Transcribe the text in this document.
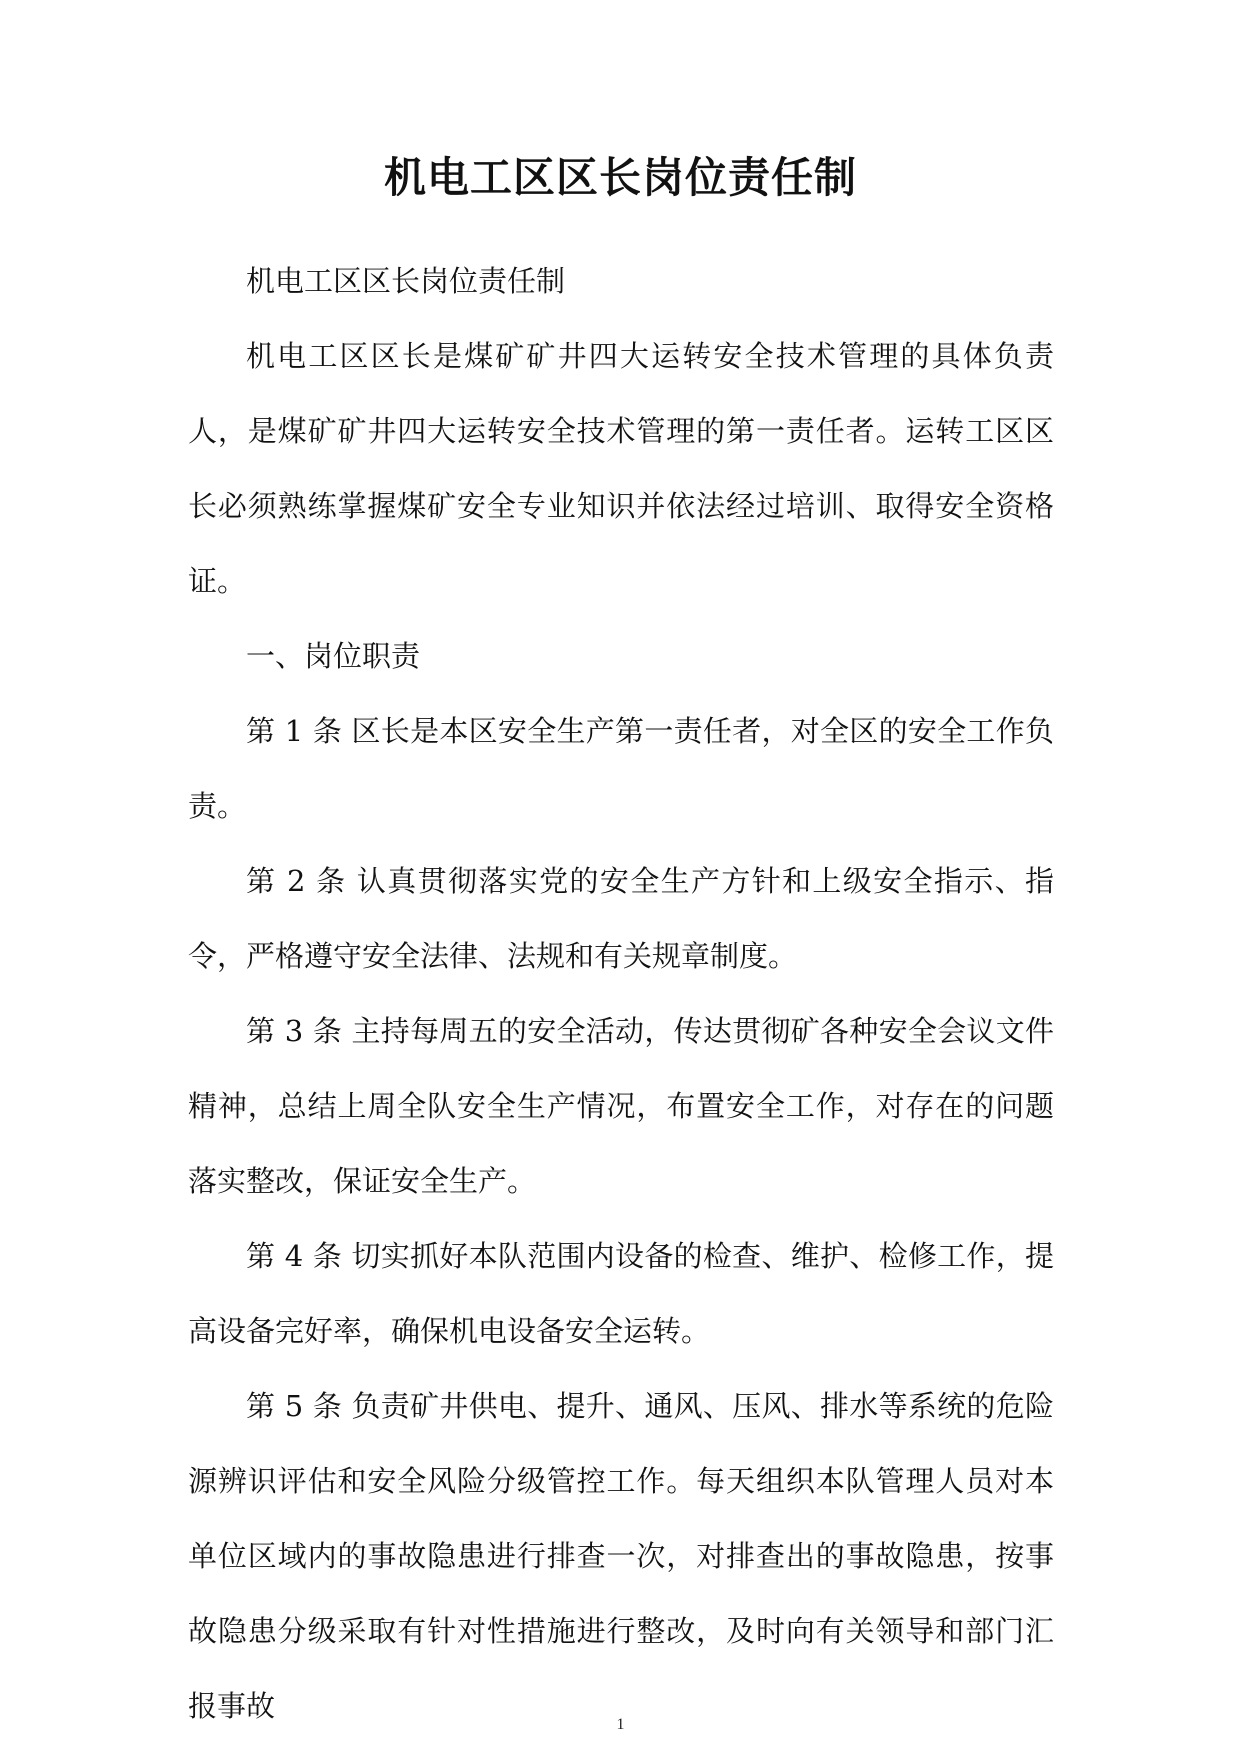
机电工区区长岗位责任制

机电工区区长岗位责任制

机电工区区长是煤矿矿井四大运转安全技术管理的具体负责人，是煤矿矿井四大运转安全技术管理的第一责任者。运转工区区长必须熟练掌握煤矿安全专业知识并依法经过培训、取得安全资格证。

一、岗位职责

第 1 条 区长是本区安全生产第一责任者，对全区的安全工作负责。

第 2 条 认真贯彻落实党的安全生产方针和上级安全指示、指令，严格遵守安全法律、法规和有关规章制度。

第 3 条 主持每周五的安全活动，传达贯彻矿各种安全会议文件精神，总结上周全队安全生产情况，布置安全工作，对存在的问题落实整改，保证安全生产。

第 4 条 切实抓好本队范围内设备的检查、维护、检修工作，提高设备完好率，确保机电设备安全运转。

第 5 条 负责矿井供电、提升、通风、压风、排水等系统的危险源辨识评估和安全风险分级管控工作。每天组织本队管理人员对本单位区域内的事故隐患进行排查一次，对排查出的事故隐患，按事故隐患分级采取有针对性措施进行整改，及时向有关领导和部门汇报事故

1
